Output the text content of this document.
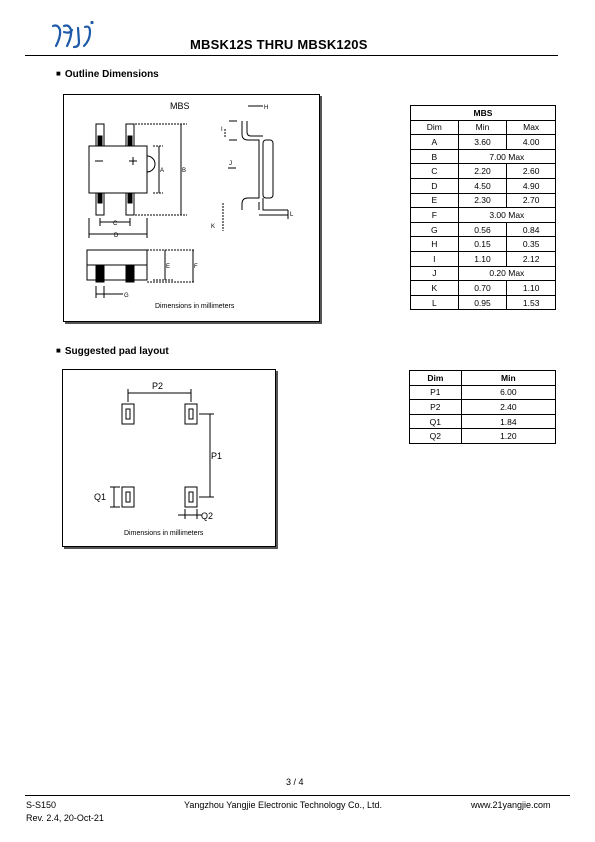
MBSK12S THRU MBSK120S
■ Outline Dimensions
MBS
A	B
C
D
H
I
J
K
L
E	F
G
Dimensions in millimeters
MBS		
Dim	Min	Max
A	3.60	4.00
B	7.00 Max	
C	2.20	2.60
D	4.50	4.90
E	2.30	2.70
F	3.00 Max	
G	0.56	0.84
H	0.15	0.35
I	1.10	2.12
J	0.20 Max	
K	0.70	1.10
L	0.95	1.53
■ Suggested pad layout
P2
P1
Q1
Q2
Dimensions in millimeters
Dim	Min
P1	6.00
P2	2.40
Q1	1.84
Q2	1.20
3 / 4
S-S150
Rev. 2.4, 20-Oct-21
Yangzhou Yangjie Electronic Technology Co., Ltd.	www.21yangjie.com
